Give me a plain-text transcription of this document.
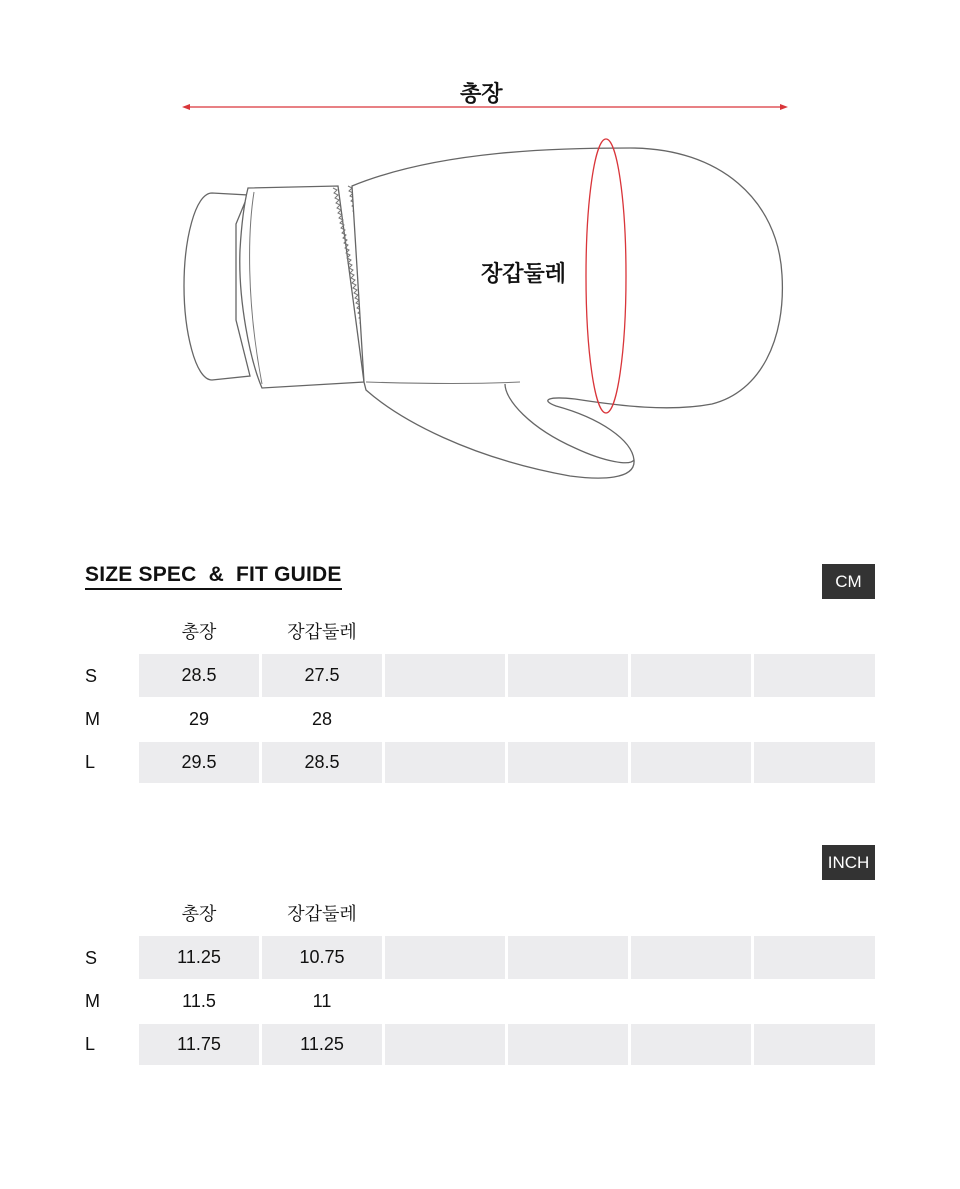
총장
장갑둘레
SIZE SPEC  &  FIT GUIDE	CM
INCH
총장	장갑둘레
S	28.5	27.5
M	29	28
L	29.5	28.5
총장	장갑둘레
S	11.25	10.75
M	11.5	11
L	11.75	11.25
